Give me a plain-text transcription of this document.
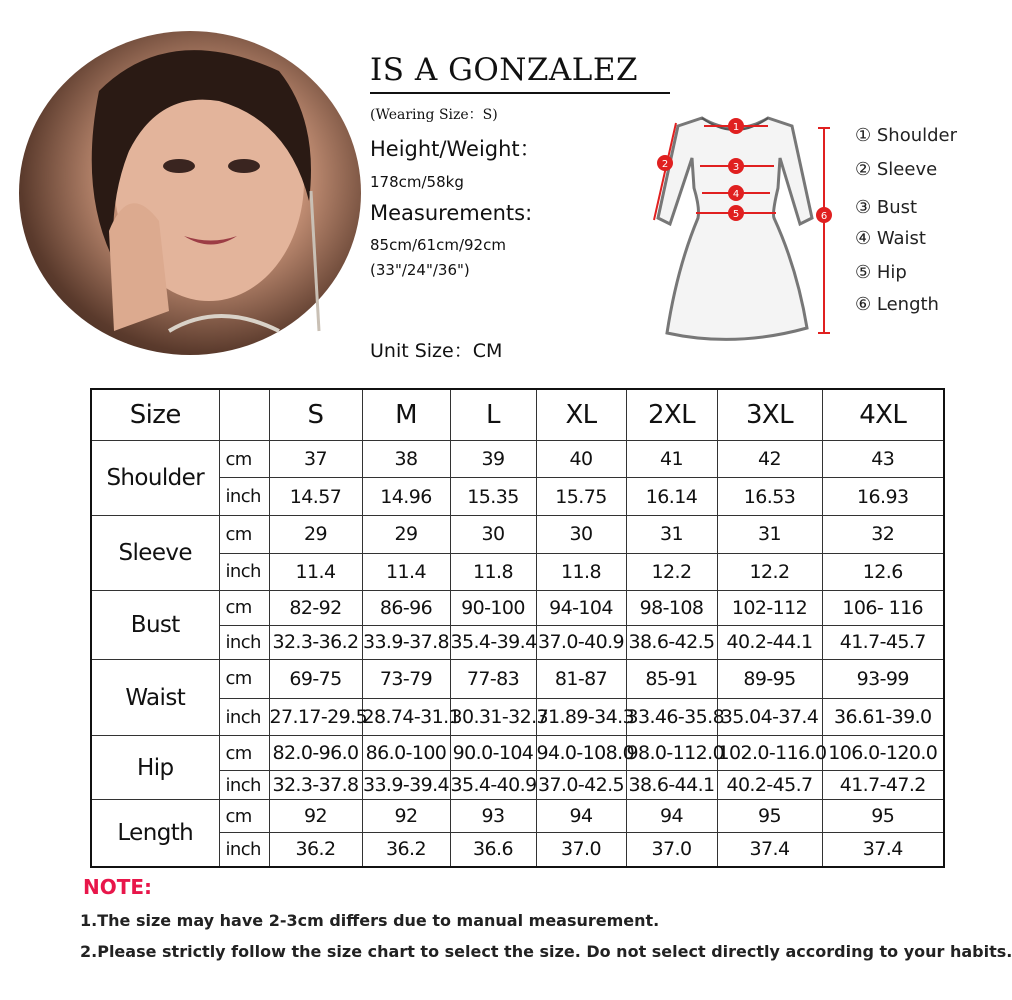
IS A GONZALEZ
(Wearing Size：S)
Height/Weight：
178cm/58kg
Measurements:
85cm/61cm/92cm
(33"/24"/36")
Unit Size：CM
1
2	3
4
5	6
① Shoulder
② Sleeve
③ Bust
④ Waist
⑤ Hip
⑥ Length
Size		S	M	L	XL	2XL	3XL	4XL
Shoulder	cm	37	38	39	40	41	42	43
	inch	14.57	14.96	15.35	15.75	16.14	16.53	16.93
Sleeve	cm	29	29	30	30	31	31	32
	inch	11.4	11.4	11.8	11.8	12.2	12.2	12.6
Bust	cm	82-92	86-96	90-100	94-104	98-108	102-112	106- 116
	inch	32.3-36.2	33.9-37.8	35.4-39.4	37.0-40.9	38.6-42.5	40.2-44.1	41.7-45.7
Waist	cm	69-75	73-79	77-83	81-87	85-91	89-95	93-99
	inch	27.17-29.5	28.74-31.1	30.31-32.7	31.89-34.3	33.46-35.8	35.04-37.4	36.61-39.0
Hip	cm	82.0-96.0	86.0-100	90.0-104	94.0-108.0	98.0-112.0	102.0-116.0	106.0-120.0
	inch	32.3-37.8	33.9-39.4	35.4-40.9	37.0-42.5	38.6-44.1	40.2-45.7	41.7-47.2
Length	cm	92	92	93	94	94	95	95
	inch	36.2	36.2	36.6	37.0	37.0	37.4	37.4
NOTE:
1.The size may have 2-3cm differs due to manual measurement.
2.Please strictly follow the size chart to select the size. Do not select directly according to your habits.
